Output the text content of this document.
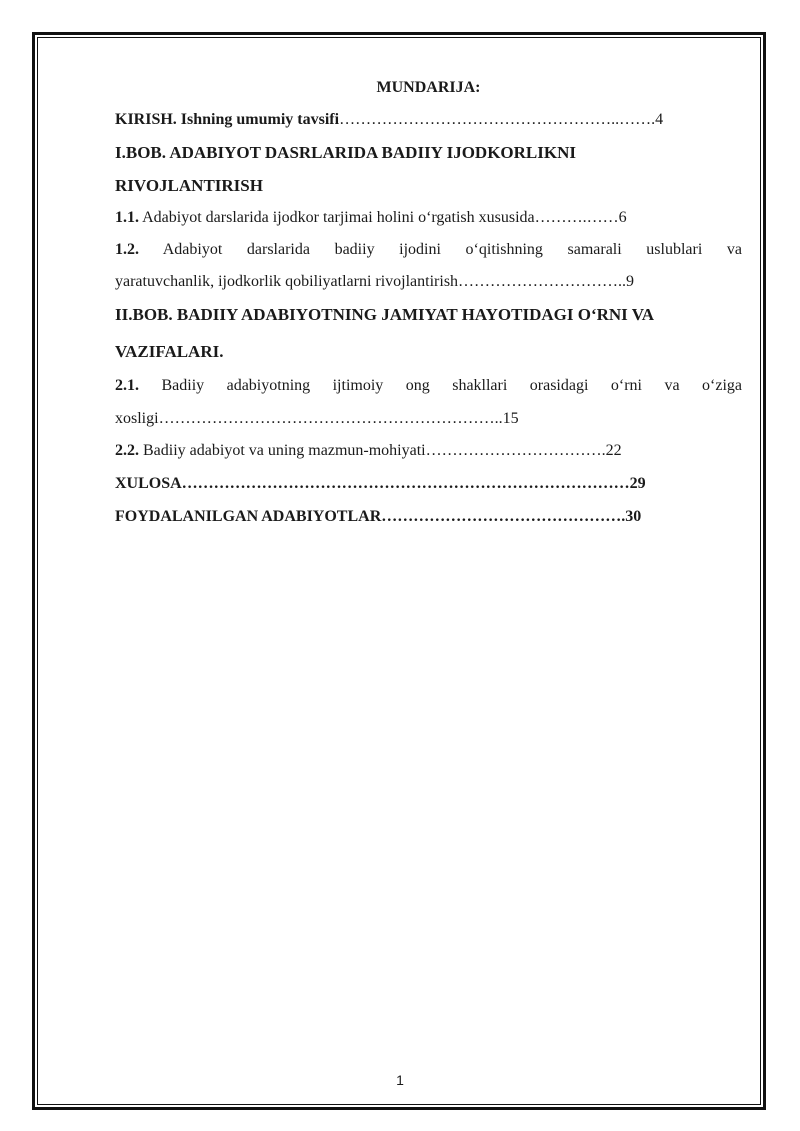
MUNDARIJA:
KIRISH. Ishning umumiy tavsifi……………………………………………..…….4
I.BOB. ADABIYOT DASRLARIDA BADIIY IJODKORLIKNI
RIVOJLANTIRISH
1.1. Adabiyot darslarida ijodkor tarjimai holini o‘rgatish xususida……….……6
1.2. Adabiyot darslarida badiiy ijodini o‘qitishning samarali uslublari va
yaratuvchanlik, ijodkorlik qobiliyatlarni rivojlantirish…………………………..9
II.BOB. BADIIY ADABIYOTNING JAMIYAT HAYOTIDAGI O‘RNI VA
VAZIFALARI.
2.1. Badiiy adabiyotning ijtimoiy ong shakllari orasidagi o‘rni va o‘ziga
xosligi………………………………………………………..15
2.2. Badiiy adabiyot va uning mazmun-mohiyati…………………………….22
XULOSA…………………………………………………………………………29
FOYDALANILGAN ADABIYOTLAR……………………………………….30
1
